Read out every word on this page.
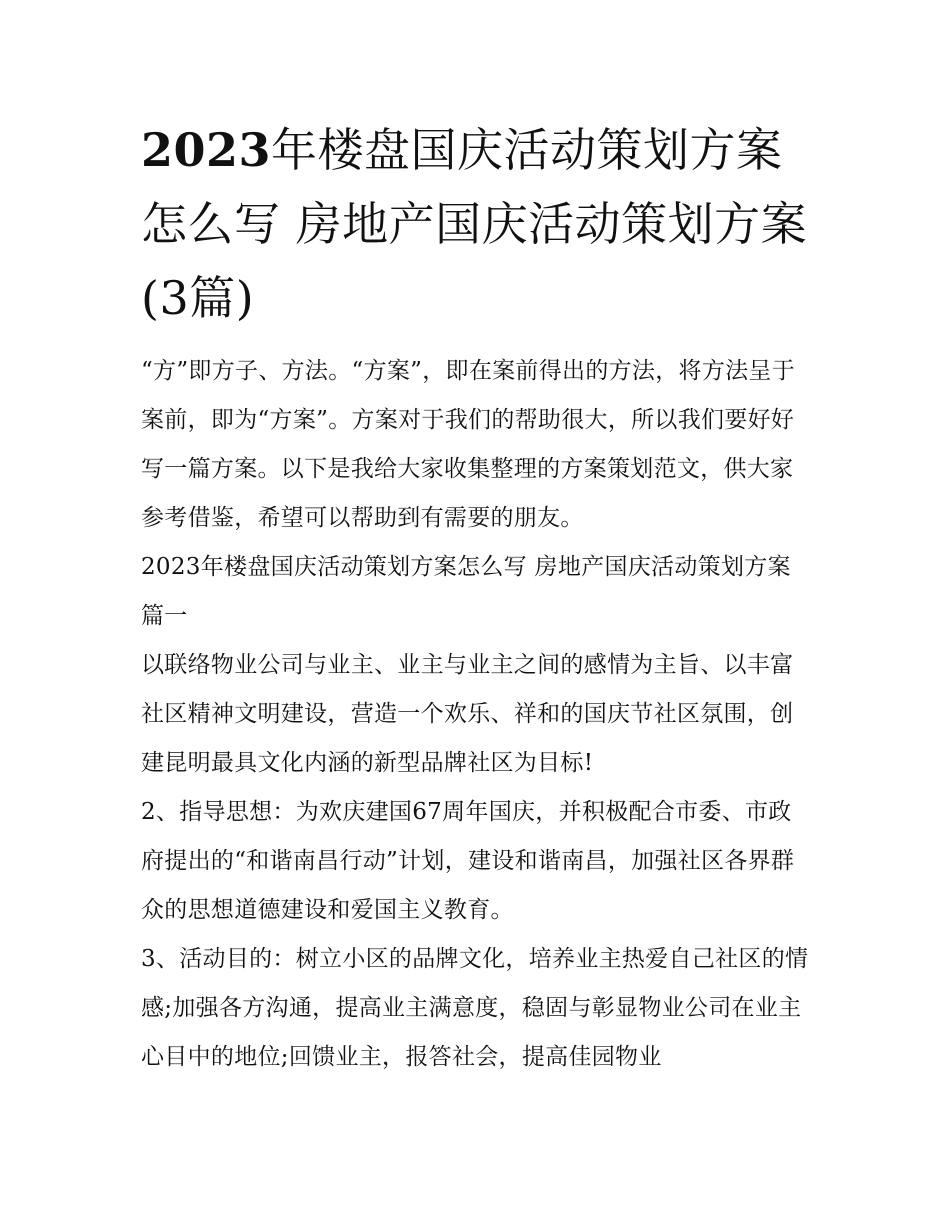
2023年楼盘国庆活动策划方案怎么写 房地产国庆活动策划方案(3篇)

“方”即方子、方法。“方案”，即在案前得出的方法，将方法呈于案前，即为“方案”。方案对于我们的帮助很大，所以我们要好好写一篇方案。以下是我给大家收集整理的方案策划范文，供大家参考借鉴，希望可以帮助到有需要的朋友。

2023年楼盘国庆活动策划方案怎么写 房地产国庆活动策划方案篇一

以联络物业公司与业主、业主与业主之间的感情为主旨、以丰富社区精神文明建设，营造一个欢乐、祥和的国庆节社区氛围，创建昆明最具文化内涵的新型品牌社区为目标!

2、指导思想：为欢庆建国67周年国庆，并积极配合市委、市政府提出的“和谐南昌行动”计划，建设和谐南昌，加强社区各界群众的思想道德建设和爱国主义教育。

3、活动目的：树立小区的品牌文化，培养业主热爱自己社区的情感;加强各方沟通，提高业主满意度，稳固与彰显物业公司在业主心目中的地位;回馈业主，报答社会，提高佳园物业
